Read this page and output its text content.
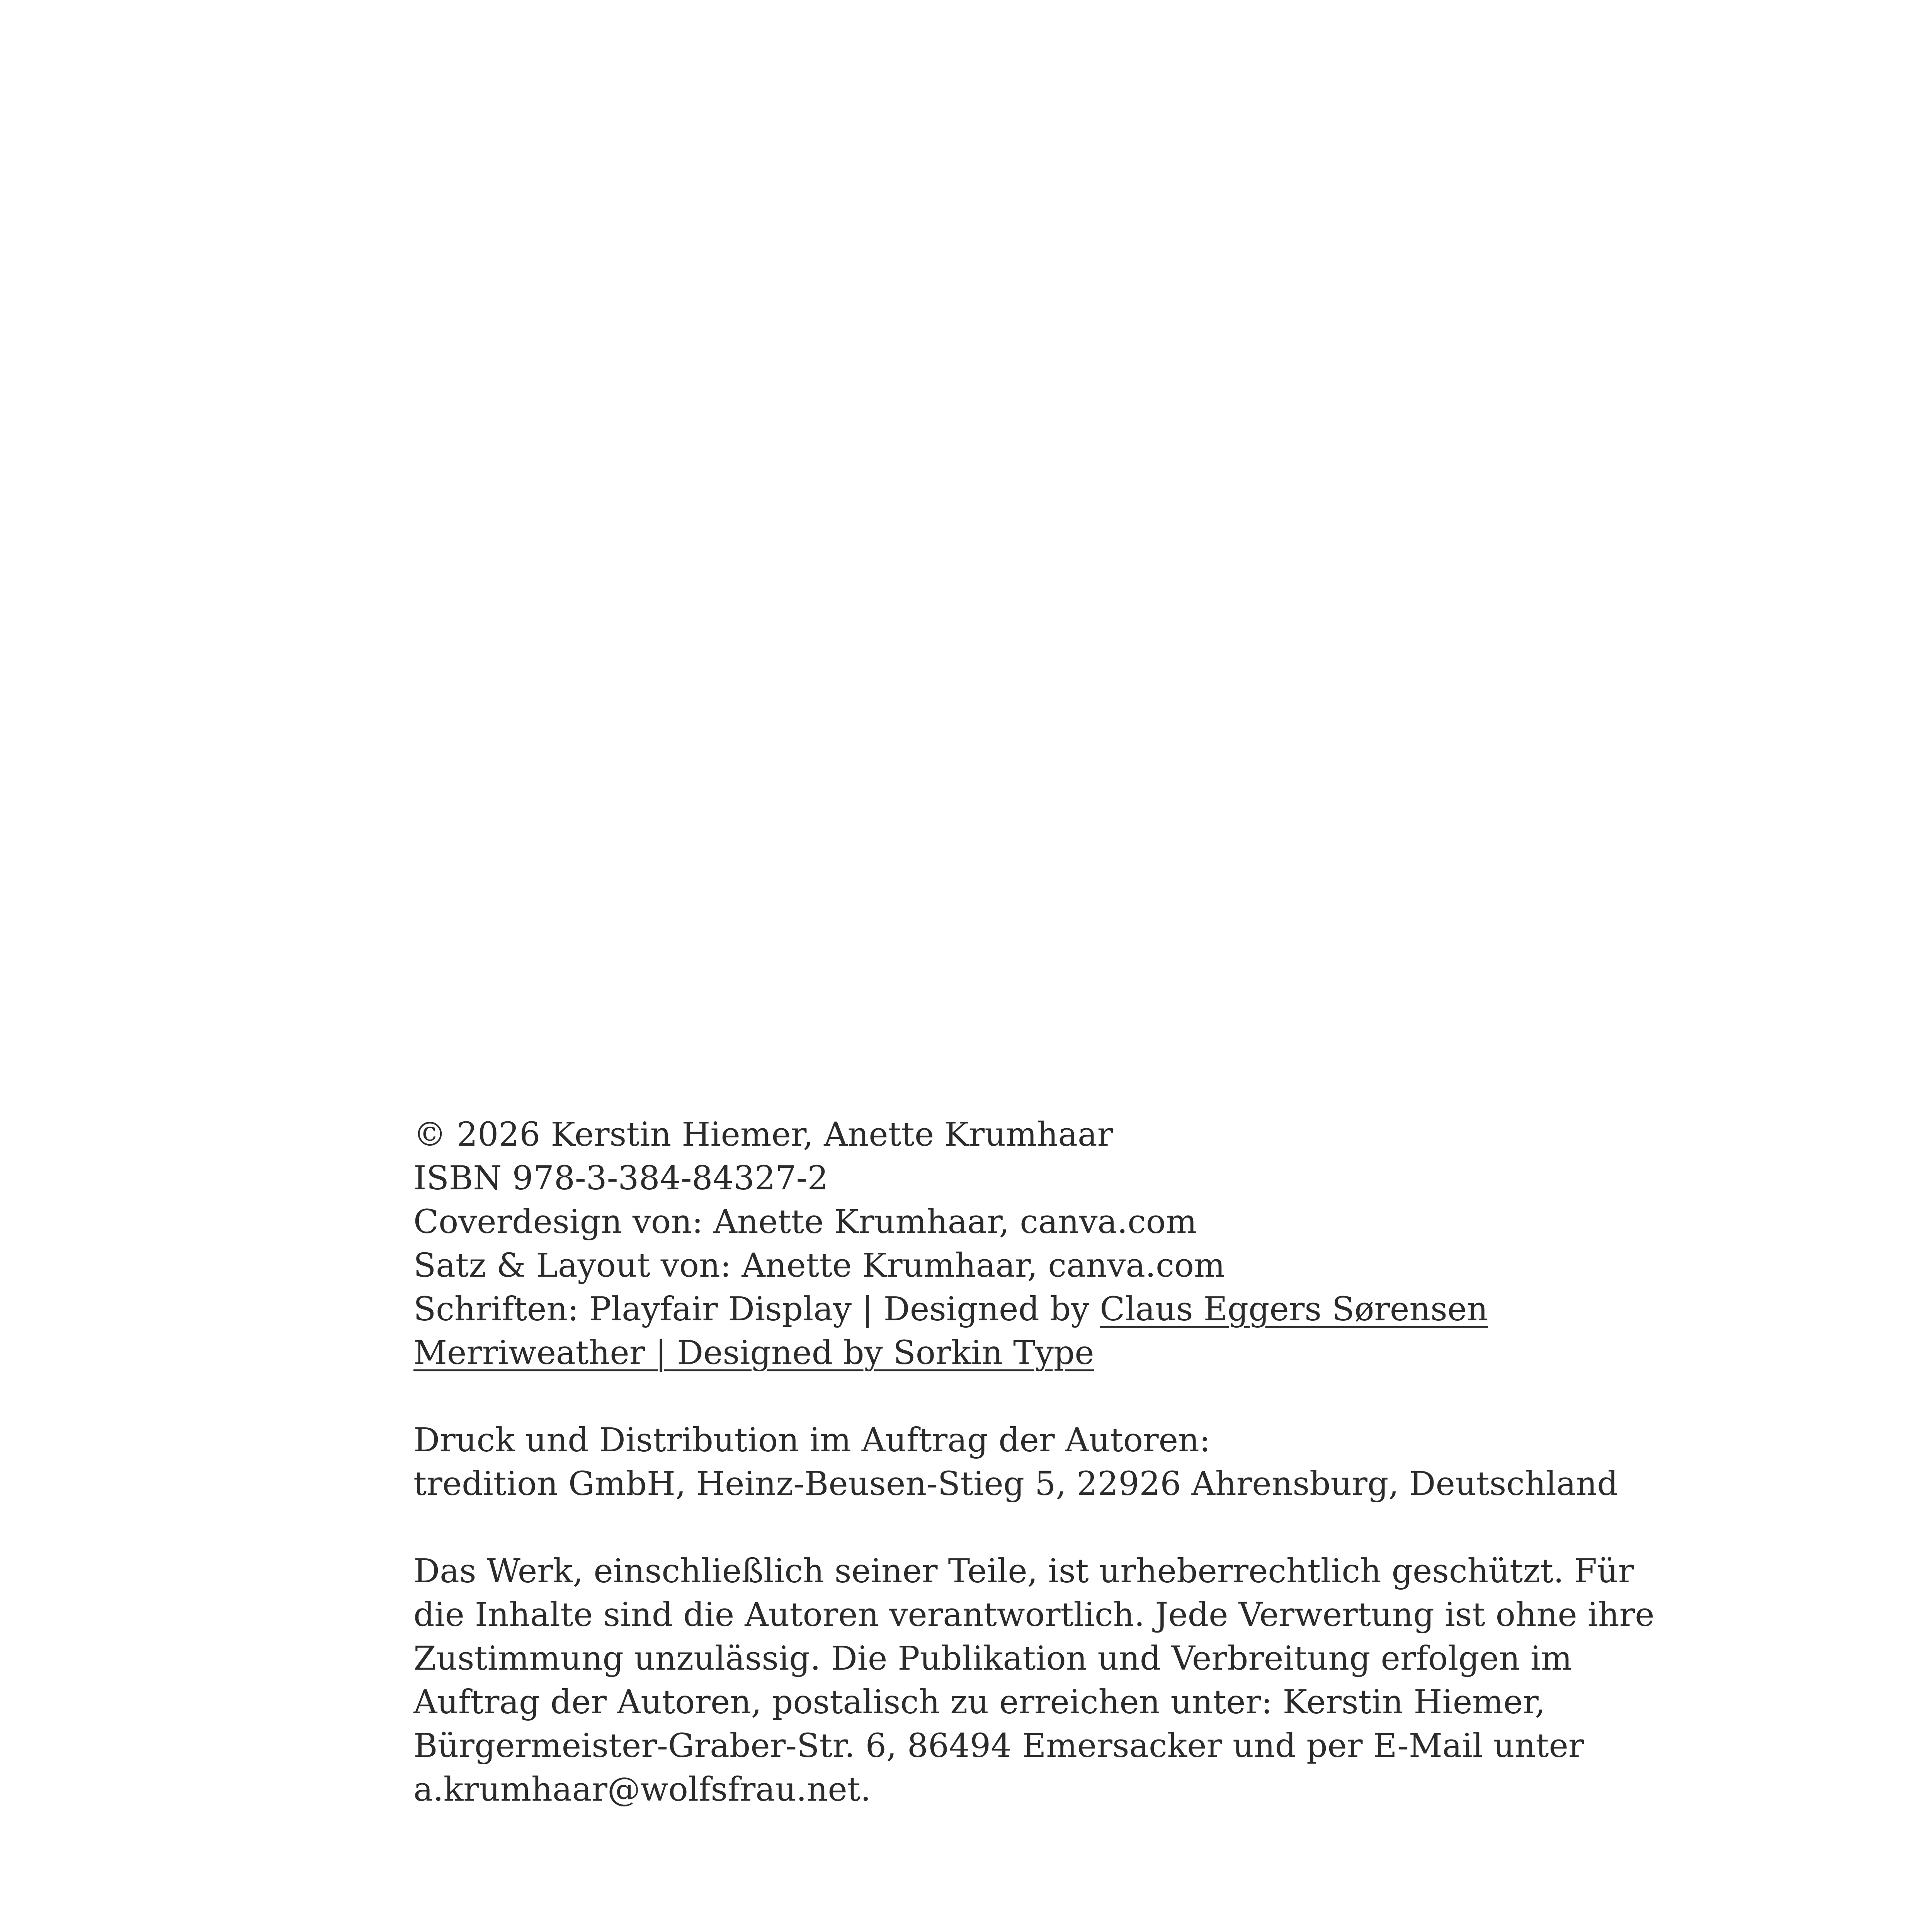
© 2026 Kerstin Hiemer, Anette Krumhaar
ISBN 978-3-384-84327-2
Coverdesign von: Anette Krumhaar, canva.com
Satz & Layout von: Anette Krumhaar, canva.com
Schriften: Playfair Display | Designed by Claus Eggers Sørensen
Merriweather | Designed by Sorkin Type
Druck und Distribution im Auftrag der Autoren:
tredition GmbH, Heinz-Beusen-Stieg 5, 22926 Ahrensburg, Deutschland
Das Werk, einschließlich seiner Teile, ist urheberrechtlich geschützt. Für
die Inhalte sind die Autoren verantwortlich. Jede Verwertung ist ohne ihre
Zustimmung unzulässig. Die Publikation und Verbreitung erfolgen im
Auftrag der Autoren, postalisch zu erreichen unter: Kerstin Hiemer,
Bürgermeister-Graber-Str. 6, 86494 Emersacker und per E-Mail unter
a.krumhaar@wolfsfrau.net.
